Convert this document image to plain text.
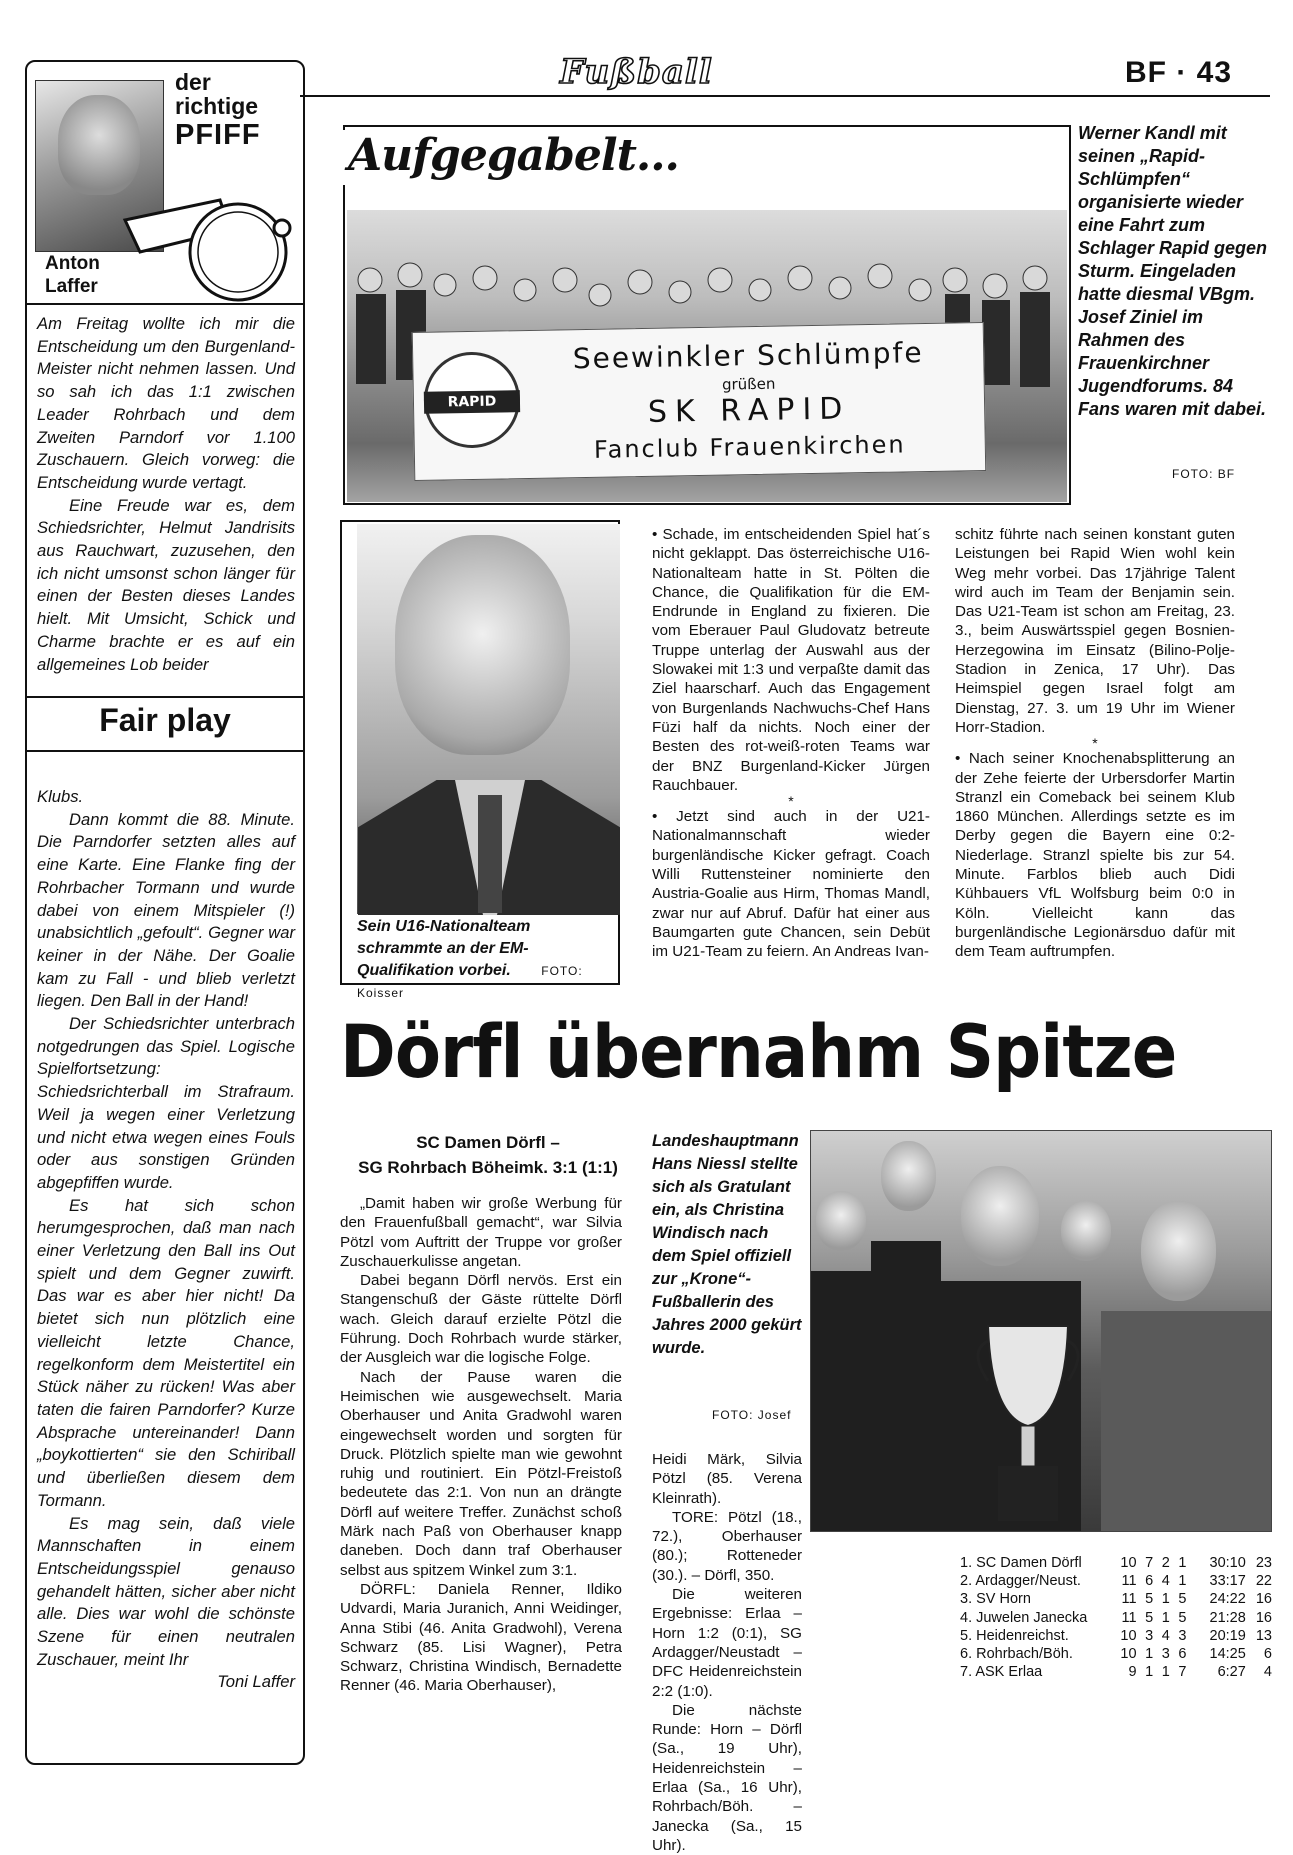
Fußball	BF · 43
der
richtige
PFIFF
Anton
Laffer

Am Freitag wollte ich mir die Entscheidung um den Burgenland-Meister nicht nehmen lassen. Und so sah ich das 1:1 zwischen Leader Rohrbach und dem Zweiten Parndorf vor 1.100 Zuschauern. Gleich vorweg: die Entscheidung wurde vertagt.

Eine Freude war es, dem Schiedsrichter, Helmut Jandrisits aus Rauchwart, zuzusehen, den ich nicht umsonst schon länger für einen der Besten dieses Landes hielt. Mit Umsicht, Schick und Charme brachte er es auf ein allgemeines Lob beider

Fair play

Klubs.

Dann kommt die 88. Minute. Die Parndorfer setzten alles auf eine Karte. Eine Flanke fing der Rohrbacher Tormann und wurde dabei von einem Mitspieler (!) unabsichtlich „gefoult“. Gegner war keiner in der Nähe. Der Goalie kam zu Fall - und blieb verletzt liegen. Den Ball in der Hand!

Der Schiedsrichter unterbrach notgedrungen das Spiel. Logische Spielfortsetzung: Schiedsrichterball im Strafraum. Weil ja wegen einer Verletzung und nicht etwa wegen eines Fouls oder aus sonstigen Gründen abgepfiffen wurde.

Es hat sich schon herumgesprochen, daß man nach einer Verletzung den Ball ins Out spielt und dem Gegner zuwirft. Das war es aber hier nicht! Da bietet sich nun plötzlich eine vielleicht letzte Chance, regelkonform dem Meistertitel ein Stück näher zu rücken! Was aber taten die fairen Parndorfer? Kurze Absprache untereinander! Dann „boykottierten“ sie den Schiriball und überließen diesem dem Tormann.

Es mag sein, daß viele Mannschaften in einem Entscheidungsspiel genauso gehandelt hätten, sicher aber nicht alle. Dies war wohl die schönste Szene für einen neutralen Zuschauer, meint Ihr

Toni Laffer

RAPID
Seewinkler Schlümpfe
grüßen
SK RAPID
Fanclub Frauenkirchen
Aufgegabelt...	Werner Kandl mit seinen „Rapid-Schlümpfen“ organisierte wieder eine Fahrt zum Schlager Rapid gegen Sturm. Eingeladen hatte diesmal VBgm. Josef Ziniel im Rahmen des Frauenkirchner Jugendforums. 84 Fans waren mit dabei.
FOTO: BF
Sein U16-Nationalteam schrammte an der EM-Qualifikation vorbei.	FOTO: Koisser

• Schade, im entscheidenden Spiel hat´s nicht geklappt. Das österreichische U16-Nationalteam hatte in St. Pölten die Chance, die Qualifikation für die EM-Endrunde in England zu fixieren. Die vom Eberauer Paul Gludovatz betreute Truppe unterlag der Auswahl aus der Slowakei mit 1:3 und verpaßte damit das Ziel haarscharf. Auch das Engagement von Burgenlands Nachwuchs-Chef Hans Füzi half da nichts. Noch einer der Besten des rot-weiß-roten Teams war der BNZ Burgenland-Kicker Jürgen Rauchbauer.

*

• Jetzt sind auch in der U21-Nationalmannschaft wieder burgenländische Kicker gefragt. Coach Willi Ruttensteiner nominierte den Austria-Goalie aus Hirm, Thomas Mandl, zwar nur auf Abruf. Dafür hat einer aus Baumgarten gute Chancen, sein Debüt im U21-Team zu feiern. An Andreas Ivan-

schitz führte nach seinen konstant guten Leistungen bei Rapid Wien wohl kein Weg mehr vorbei. Das 17jährige Talent wird auch im Team der Benjamin sein. Das U21-Team ist schon am Freitag, 23. 3., beim Auswärtsspiel gegen Bosnien-Herzegowina im Einsatz (Bilino-Polje-Stadion in Zenica, 17 Uhr). Das Heimspiel gegen Israel folgt am Dienstag, 27. 3. um 19 Uhr im Wiener Horr-Stadion.

*

• Nach seiner Knochenabsplitterung an der Zehe feierte der Urbersdorfer Martin Stranzl ein Comeback bei seinem Klub 1860 München. Allerdings setzte es im Derby gegen die Bayern eine 0:2-Niederlage. Stranzl spielte bis zur 54. Minute. Farblos blieb auch Didi Kühbauers VfL Wolfsburg beim 0:0 in Köln. Vielleicht kann das burgenländische Legionärsduo dafür mit dem Team auftrumpfen.

Dörfl übernahm Spitze
SC Damen Dörfl –
SG Rohrbach Böheimk. 3:1 (1:1)

„Damit haben wir große Werbung für den Frauenfußball gemacht“, war Silvia Pötzl vom Auftritt der Truppe vor großer Zuschauerkulisse angetan.

Dabei begann Dörfl nervös. Erst ein Stangenschuß der Gäste rüttelte Dörfl wach. Gleich darauf erzielte Pötzl die Führung. Doch Rohrbach wurde stärker, der Ausgleich war die logische Folge.

Nach der Pause waren die Heimischen wie ausgewechselt. Maria Oberhauser und Anita Gradwohl waren eingewechselt worden und sorgten für Druck. Plötzlich spielte man wie gewohnt ruhig und routiniert. Ein Pötzl-Freistoß bedeutete das 2:1. Von nun an drängte Dörfl auf weitere Treffer. Zunächst schoß Märk nach Paß von Oberhauser knapp daneben. Doch dann traf Oberhauser selbst aus spitzem Winkel zum 3:1.

DÖRFL: Daniela Renner, Ildiko Udvardi, Maria Juranich, Anni Weidinger, Anna Stibi (46. Anita Gradwohl), Verena Schwarz (85. Lisi Wagner), Petra Schwarz, Christina Windisch, Bernadette Renner (46. Maria Oberhauser),

Landeshauptmann Hans Niessl stellte sich als Gratulant ein, als Christina Windisch nach dem Spiel offiziell zur „Krone“-Fußballerin des Jahres 2000 gekürt wurde.
FOTO: Josef

Heidi Märk, Silvia Pötzl (85. Verena Kleinrath).

TORE: Pötzl (18., 72.), Oberhauser (80.); Rotteneder (30.). – Dörfl, 350.

Die weiteren Ergebnisse: Erlaa – Horn 1:2 (0:1), SG Ardagger/Neustadt – DFC Heidenreichstein 2:2 (1:0).

Die nächste Runde: Horn – Dörfl (Sa., 19 Uhr), Heidenreichstein – Erlaa (Sa., 16 Uhr), Rohrbach/Böh. – Janecka (Sa., 15 Uhr).

1. SC Damen Dörfl	10	7	2	1	30:10	23
2. Ardagger/Neust.	11	6	4	1	33:17	22
3. SV Horn	11	5	1	5	24:22	16
4. Juwelen Janecka	11	5	1	5	21:28	16
5. Heidenreichst.	10	3	4	3	20:19	13
6. Rohrbach/Böh.	10	1	3	6	14:25	6
7. ASK Erlaa	9	1	1	7	6:27	4
